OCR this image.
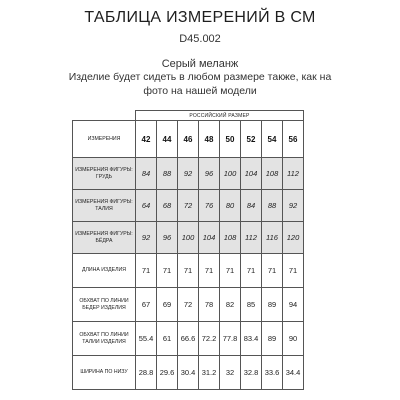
ТАБЛИЦА ИЗМЕРЕНИЙ В СМ
D45.002
Серый меланж
Изделие будет сидеть в любом размере также, как на фото на нашей модели
	РОССИЙСКИЙ РАЗМЕР							
ИЗМЕРЕНИЯ	42	44	46	48	50	52	54	56
ИЗМЕРЕНИЯ ФИГУРЫ: ГРУДЬ	84	88	92	96	100	104	108	112
ИЗМЕРЕНИЯ ФИГУРЫ: ТАЛИЯ	64	68	72	76	80	84	88	92
ИЗМЕРЕНИЯ ФИГУРЫ: БЁДРА	92	96	100	104	108	112	116	120
ДЛИНА ИЗДЕЛИЯ	71	71	71	71	71	71	71	71
ОБХВАТ ПО ЛИНИИ БЕДЕР ИЗДЕЛИЯ	67	69	72	78	82	85	89	94
ОБХВАТ ПО ЛИНИИ ТАЛИИ ИЗДЕЛИЯ	55.4	61	66.6	72.2	77.8	83.4	89	90
ШИРИНА ПО НИЗУ	28.8	29.6	30.4	31.2	32	32.8	33.6	34.4
